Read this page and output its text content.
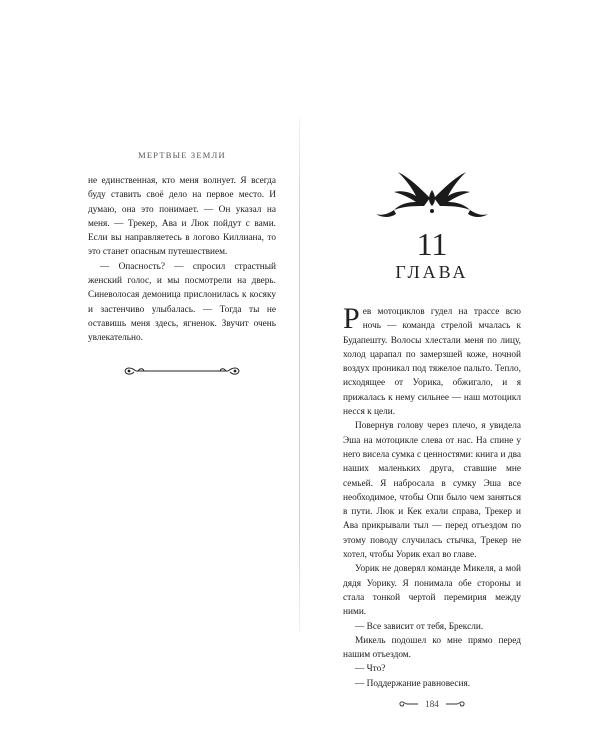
МЕРТВЫЕ ЗЕМЛИ

не единственная, кто меня волнует. Я всегда буду ставить своё дело на первое место. И думаю, она это понимает. — Он указал на меня. — Трекер, Ава и Люк пойдут с вами. Если вы направляетесь в логово Киллиана, то это станет опасным путешествием.

— Опасность? — спросил страстный женский голос, и мы посмотрели на дверь. Синеволосая демоница прислонилась к косяку и застенчиво улыбалась. — Тогда ты не оставишь меня здесь, ягненок. Звучит очень увлекательно.

11
ГЛАВА

Рев мотоциклов гудел на трассе всю ночь — команда стрелой мчалась к Будапешту. Волосы хлестали меня по лицу, холод царапал по замерзшей коже, ночной воздух проникал под тяжелое пальто. Тепло, исходящее от Уорика, обжигало, и я прижалась к нему сильнее — наш мотоцикл несся к цели.

Повернув голову через плечо, я увидела Эша на мотоцикле слева от нас. На спине у него висела сумка с ценностями: книга и два наших маленьких друга, ставшие мне семьей. Я набросала в сумку Эша все необходимое, чтобы Опи было чем заняться в пути. Люк и Кек ехали справа, Трекер и Ава прикрывали тыл — перед отъездом по этому поводу случилась стычка, Трекер не хотел, чтобы Уорик ехал во главе.

Уорик не доверял команде Микеля, а мой дядя Уорику. Я понимала обе стороны и стала тонкой чертой перемирия между ними.

— Все зависит от тебя, Брексли.

Микель подошел ко мне прямо перед нашим отъездом.

— Что?

— Поддержание равновесия.

184
